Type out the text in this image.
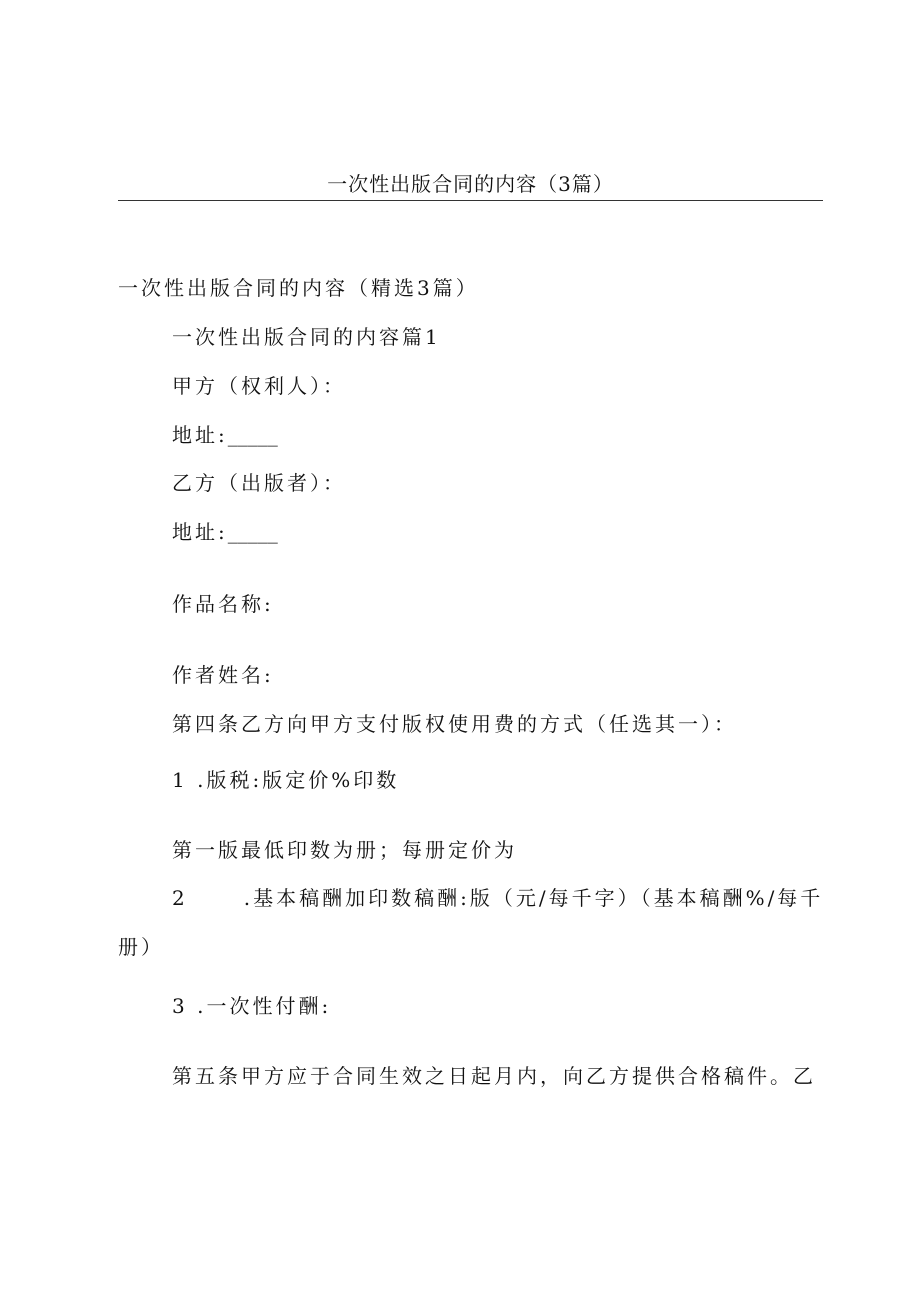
一次性出版合同的内容（3篇）
一次性出版合同的内容（精选3篇）
一次性出版合同的内容篇1
甲方（权利人）：
地址:_____
乙方（出版者）：
地址:_____
作品名称:
作者姓名:
第四条乙方向甲方支付版权使用费的方式（任选其一）：
1 .版税:版定价%印数
第一版最低印数为册；每册定价为
2	.基本稿酬加印数稿酬:版（元/每千字）（基本稿酬%/每千
册）
3 .一次性付酬:
第五条甲方应于合同生效之日起月内，向乙方提供合格稿件。乙
